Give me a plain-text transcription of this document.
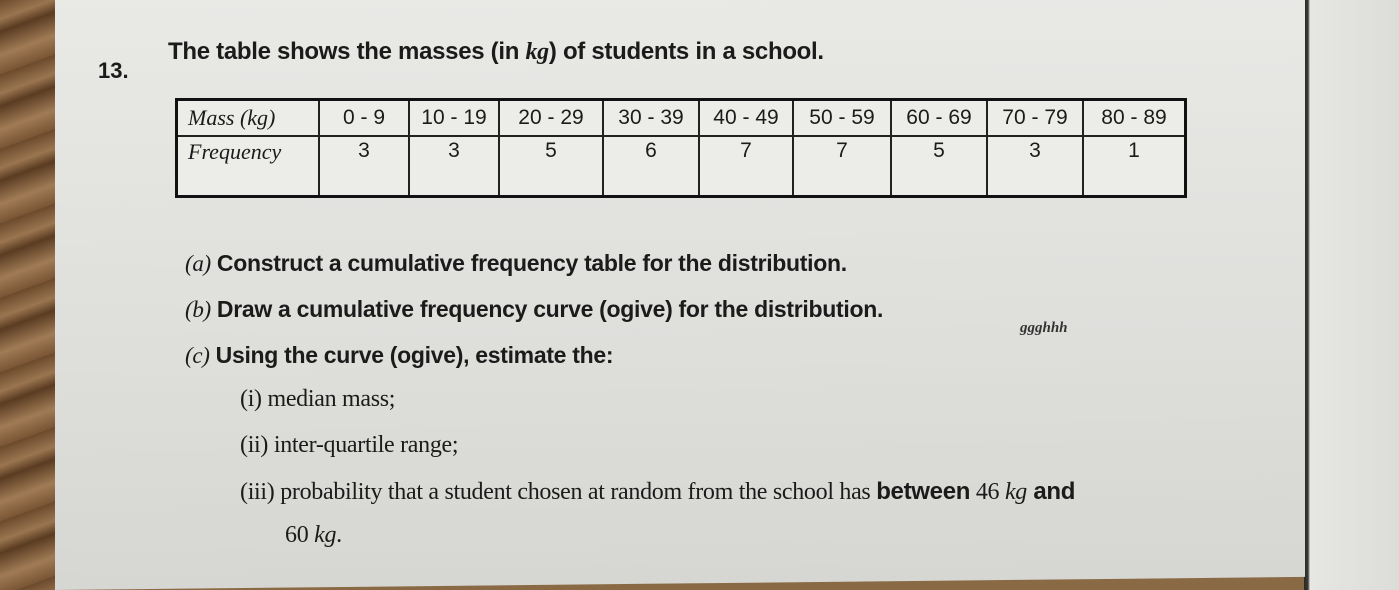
13.
The table shows the masses (in kg) of students in a school.
Mass (kg)	0 - 9	10 - 19	20 - 29	30 - 39	40 - 49	50 - 59	60 - 69	70 - 79	80 - 89
Frequency	3	3	5	6	7	7	5	3	1
(a) Construct a cumulative frequency table for the distribution.
(b) Draw a cumulative frequency curve (ogive) for the distribution.
(c) Using the curve (ogive), estimate the:
ggghhh
(i) median mass;
(ii) inter-quartile range;
(iii) probability that a student chosen at random from the school has between 46 kg and
60 kg.
